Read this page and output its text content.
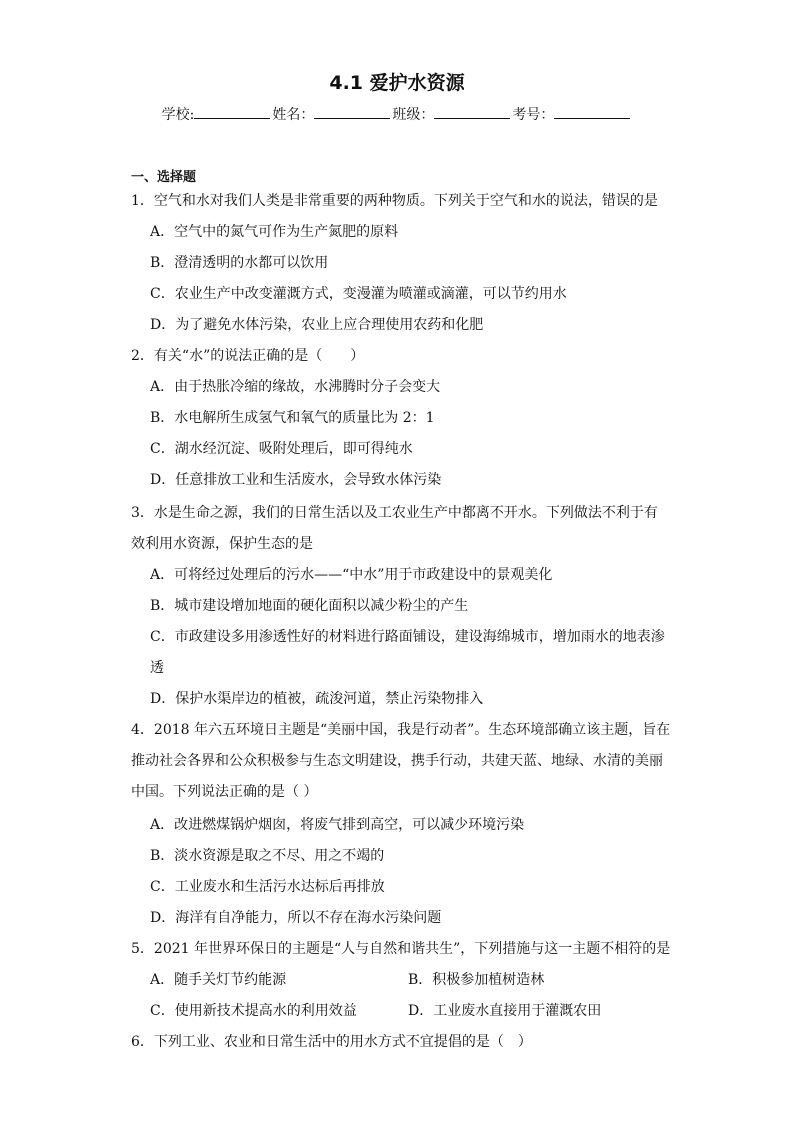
4.1 爱护水资源
学校:	姓名：	班级：	考号：
一、选择题
1．空气和水对我们人类是非常重要的两种物质。下列关于空气和水的说法，错误的是
A．空气中的氮气可作为生产氮肥的原料
B．澄清透明的水都可以饮用
C．农业生产中改变灌溉方式，变漫灌为喷灌或滴灌，可以节约用水
D．为了避免水体污染，农业上应合理使用农药和化肥
2．有关“水”的说法正确的是（　　）
A．由于热胀冷缩的缘故，水沸腾时分子会变大
B．水电解所生成氢气和氧气的质量比为 2：1
C．湖水经沉淀、吸附处理后，即可得纯水
D．任意排放工业和生活废水，会导致水体污染
3．水是生命之源，我们的日常生活以及工农业生产中都离不开水。下列做法不利于有
效利用水资源，保护生态的是
A．可将经过处理后的污水——“中水”用于市政建设中的景观美化
B．城市建设增加地面的硬化面积以减少粉尘的产生
C．市政建设多用渗透性好的材料进行路面铺设，建设海绵城市，增加雨水的地表渗
透
D．保护水渠岸边的植被，疏浚河道，禁止污染物排入
4．2018 年六五环境日主题是“美丽中国，我是行动者”。生态环境部确立该主题，旨在
推动社会各界和公众积极参与生态文明建设，携手行动，共建天蓝、地绿、水清的美丽
中国。下列说法正确的是（ ）
A．改进燃煤锅炉烟囱，将废气排到高空，可以减少环境污染
B．淡水资源是取之不尽、用之不竭的
C．工业废水和生活污水达标后再排放
D．海洋有自净能力，所以不存在海水污染问题
5．2021 年世界环保日的主题是“人与自然和谐共生”，下列措施与这一主题不相符的是
A．随手关灯节约能源	B．积极参加植树造林
C．使用新技术提高水的利用效益	D．工业废水直接用于灌溉农田
6．下列工业、农业和日常生活中的用水方式不宜提倡的是（　）
